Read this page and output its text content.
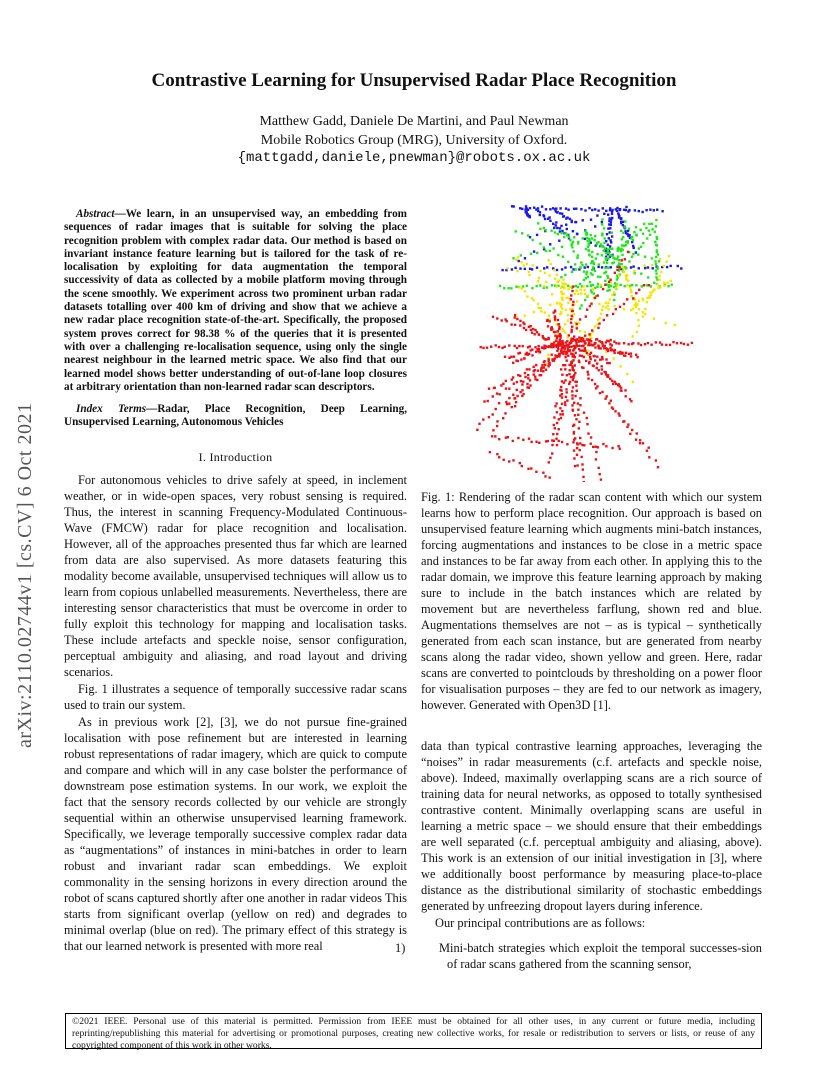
arXiv:2110.02744v1 [cs.CV] 6 Oct 2021
Contrastive Learning for Unsupervised Radar Place Recognition
Matthew Gadd, Daniele De Martini, and Paul Newman
Mobile Robotics Group (MRG), University of Oxford.
{mattgadd,daniele,pnewman}@robots.ox.ac.uk
Abstract—We learn, in an unsupervised way, an embedding from sequences of radar images that is suitable for solving the place recognition problem with complex radar data. Our method is based on invariant instance feature learning but is tailored for the task of re-localisation by exploiting for data augmentation the temporal successivity of data as collected by a mobile platform moving through the scene smoothly. We experiment across two prominent urban radar datasets totalling over 400 km of driving and show that we achieve a new radar place recognition state-of-the-art. Specifically, the proposed system proves correct for 98.38 % of the queries that it is presented with over a challenging re-localisation sequence, using only the single nearest neighbour in the learned metric space. We also find that our learned model shows better understanding of out-of-lane loop closures at arbitrary orientation than non-learned radar scan descriptors.
Index Terms—Radar, Place Recognition, Deep Learning, Unsupervised Learning, Autonomous Vehicles
I. Introduction

For autonomous vehicles to drive safely at speed, in inclement weather, or in wide-open spaces, very robust sensing is required. Thus, the interest in scanning Frequency-Modulated Continuous-Wave (FMCW) radar for place recognition and localisation. However, all of the approaches presented thus far which are learned from data are also supervised. As more datasets featuring this modality become available, unsupervised techniques will allow us to learn from copious unlabelled measurements. Nevertheless, there are interesting sensor characteristics that must be overcome in order to fully exploit this technology for mapping and localisation tasks. These include artefacts and speckle noise, sensor configuration, perceptual ambiguity and aliasing, and road layout and driving scenarios.

Fig. 1 illustrates a sequence of temporally successive radar scans used to train our system.

As in previous work [2], [3], we do not pursue fine-grained localisation with pose refinement but are interested in learning robust representations of radar imagery, which are quick to compute and compare and which will in any case bolster the performance of downstream pose estimation systems. In our work, we exploit the fact that the sensory records collected by our vehicle are strongly sequential within an otherwise unsupervised learning framework. Specifically, we leverage temporally successive complex radar data as “augmentations” of instances in mini-batches in order to learn robust and invariant radar scan embeddings. We exploit commonality in the sensing horizons in every direction around the robot of scans captured shortly after one another in radar videos This starts from significant overlap (yellow on red) and degrades to minimal overlap (blue on red). The primary effect of this strategy is that our learned network is presented with more real

Fig. 1: Rendering of the radar scan content with which our system learns how to perform place recognition. Our approach is based on unsupervised feature learning which augments mini-batch instances, forcing augmentations and instances to be close in a metric space and instances to be far away from each other. In applying this to the radar domain, we improve this feature learning approach by making sure to include in the batch instances which are related by movement but are nevertheless farflung, shown red and blue. Augmentations themselves are not – as is typical – synthetically generated from each scan instance, but are generated from nearby scans along the radar video, shown yellow and green. Here, radar scans are converted to pointclouds by thresholding on a power floor for visualisation purposes – they are fed to our network as imagery, however. Generated with Open3D [1].

data than typical contrastive learning approaches, leveraging the “noises” in radar measurements (c.f. artefacts and speckle noise, above). Indeed, maximally overlapping scans are a rich source of training data for neural networks, as opposed to totally synthesised contrastive content. Minimally overlapping scans are useful in learning a metric space – we should ensure that their embeddings are well separated (c.f. perceptual ambiguity and aliasing, above). This work is an extension of our initial investigation in [3], where we additionally boost performance by measuring place-to-place distance as the distributional similarity of stochastic embeddings generated by unfreezing dropout layers during inference.

Our principal contributions are as follows:

1)	Mini-batch strategies which exploit the temporal successes-sion of radar scans gathered from the scanning sensor,
©2021 IEEE. Personal use of this material is permitted. Permission from IEEE must be obtained for all other uses, in any current or future media, including reprinting/republishing this material for advertising or promotional purposes, creating new collective works, for resale or redistribution to servers or lists, or reuse of any copyrighted component of this work in other works.
